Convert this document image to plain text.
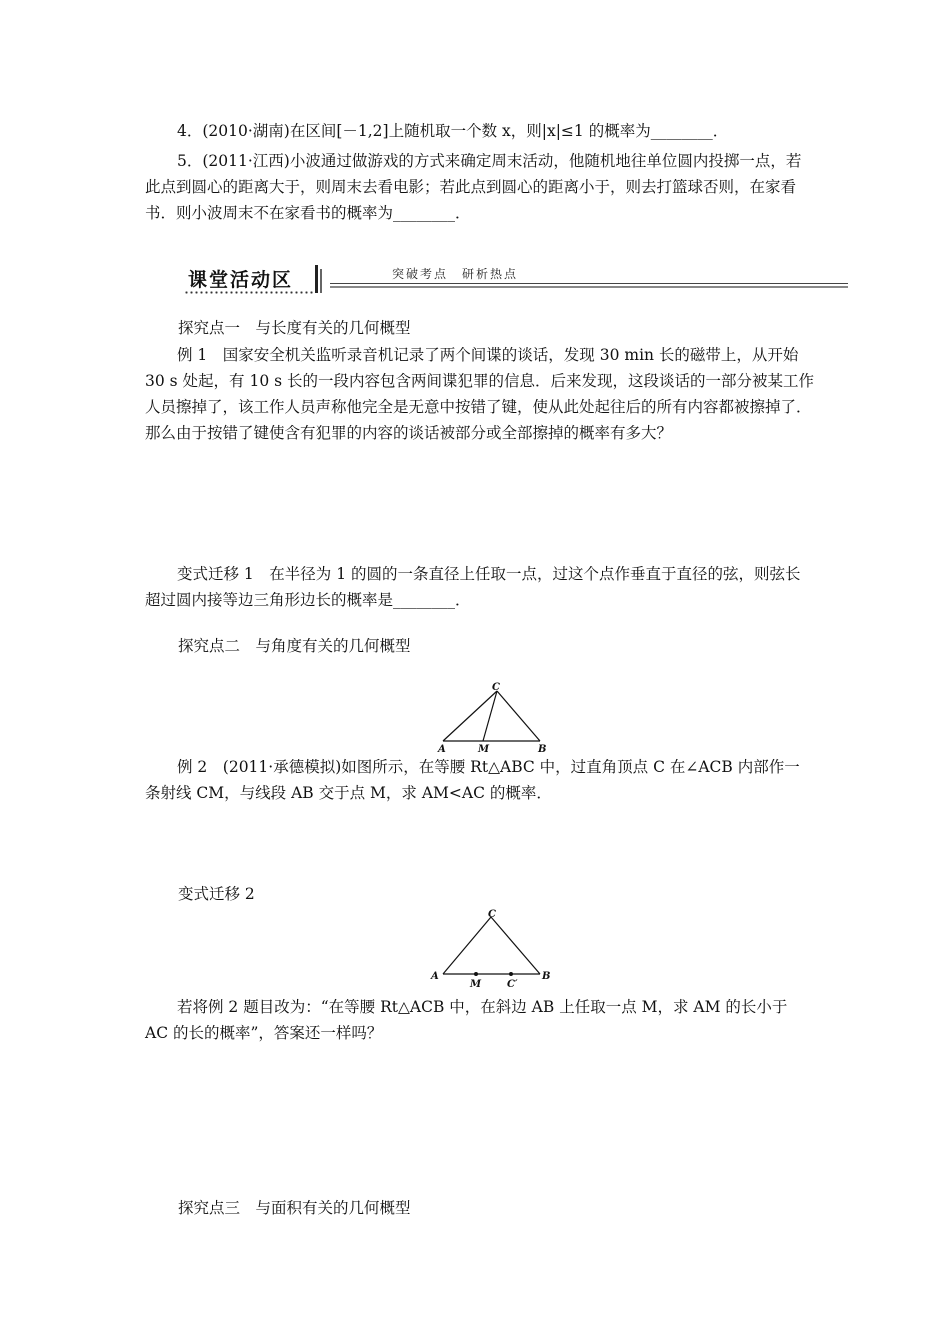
4．(2010·湖南)在区间[－1,2]上随机取一个数 x，则|x|≤1 的概率为________．

5．(2011·江西)小波通过做游戏的方式来确定周末活动，他随机地往单位圆内投掷一点，若此点到圆心的距离大于，则周末去看电影；若此点到圆心的距离小于，则去打篮球否则，在家看书．则小波周末不在家看书的概率为________．

课堂活动区	突破考点　研析热点
探究点一　与长度有关的几何概型

例 1　国家安全机关监听录音机记录了两个间谍的谈话，发现 30 min 长的磁带上，从开始 30 s 处起，有 10 s 长的一段内容包含两间谍犯罪的信息．后来发现，这段谈话的一部分被某工作人员擦掉了，该工作人员声称他完全是无意中按错了键，使从此处起往后的所有内容都被擦掉了．那么由于按错了键使含有犯罪的内容的谈话被部分或全部擦掉的概率有多大？

变式迁移 1　在半径为 1 的圆的一条直径上任取一点，过这个点作垂直于直径的弦，则弦长超过圆内接等边三角形边长的概率是________．

探究点二　与角度有关的几何概型
C
A	M	B

例 2　(2011·承德模拟)如图所示，在等腰 Rt△ABC 中，过直角顶点 C 在∠ACB 内部作一条射线 CM，与线段 AB 交于点 M，求 AM<AC 的概率．

变式迁移 2
C
A
M	C′
B

若将例 2 题目改为：“在等腰 Rt△ACB 中，在斜边 AB 上任取一点 M，求 AM 的长小于 AC 的长的概率”，答案还一样吗？

探究点三　与面积有关的几何概型
